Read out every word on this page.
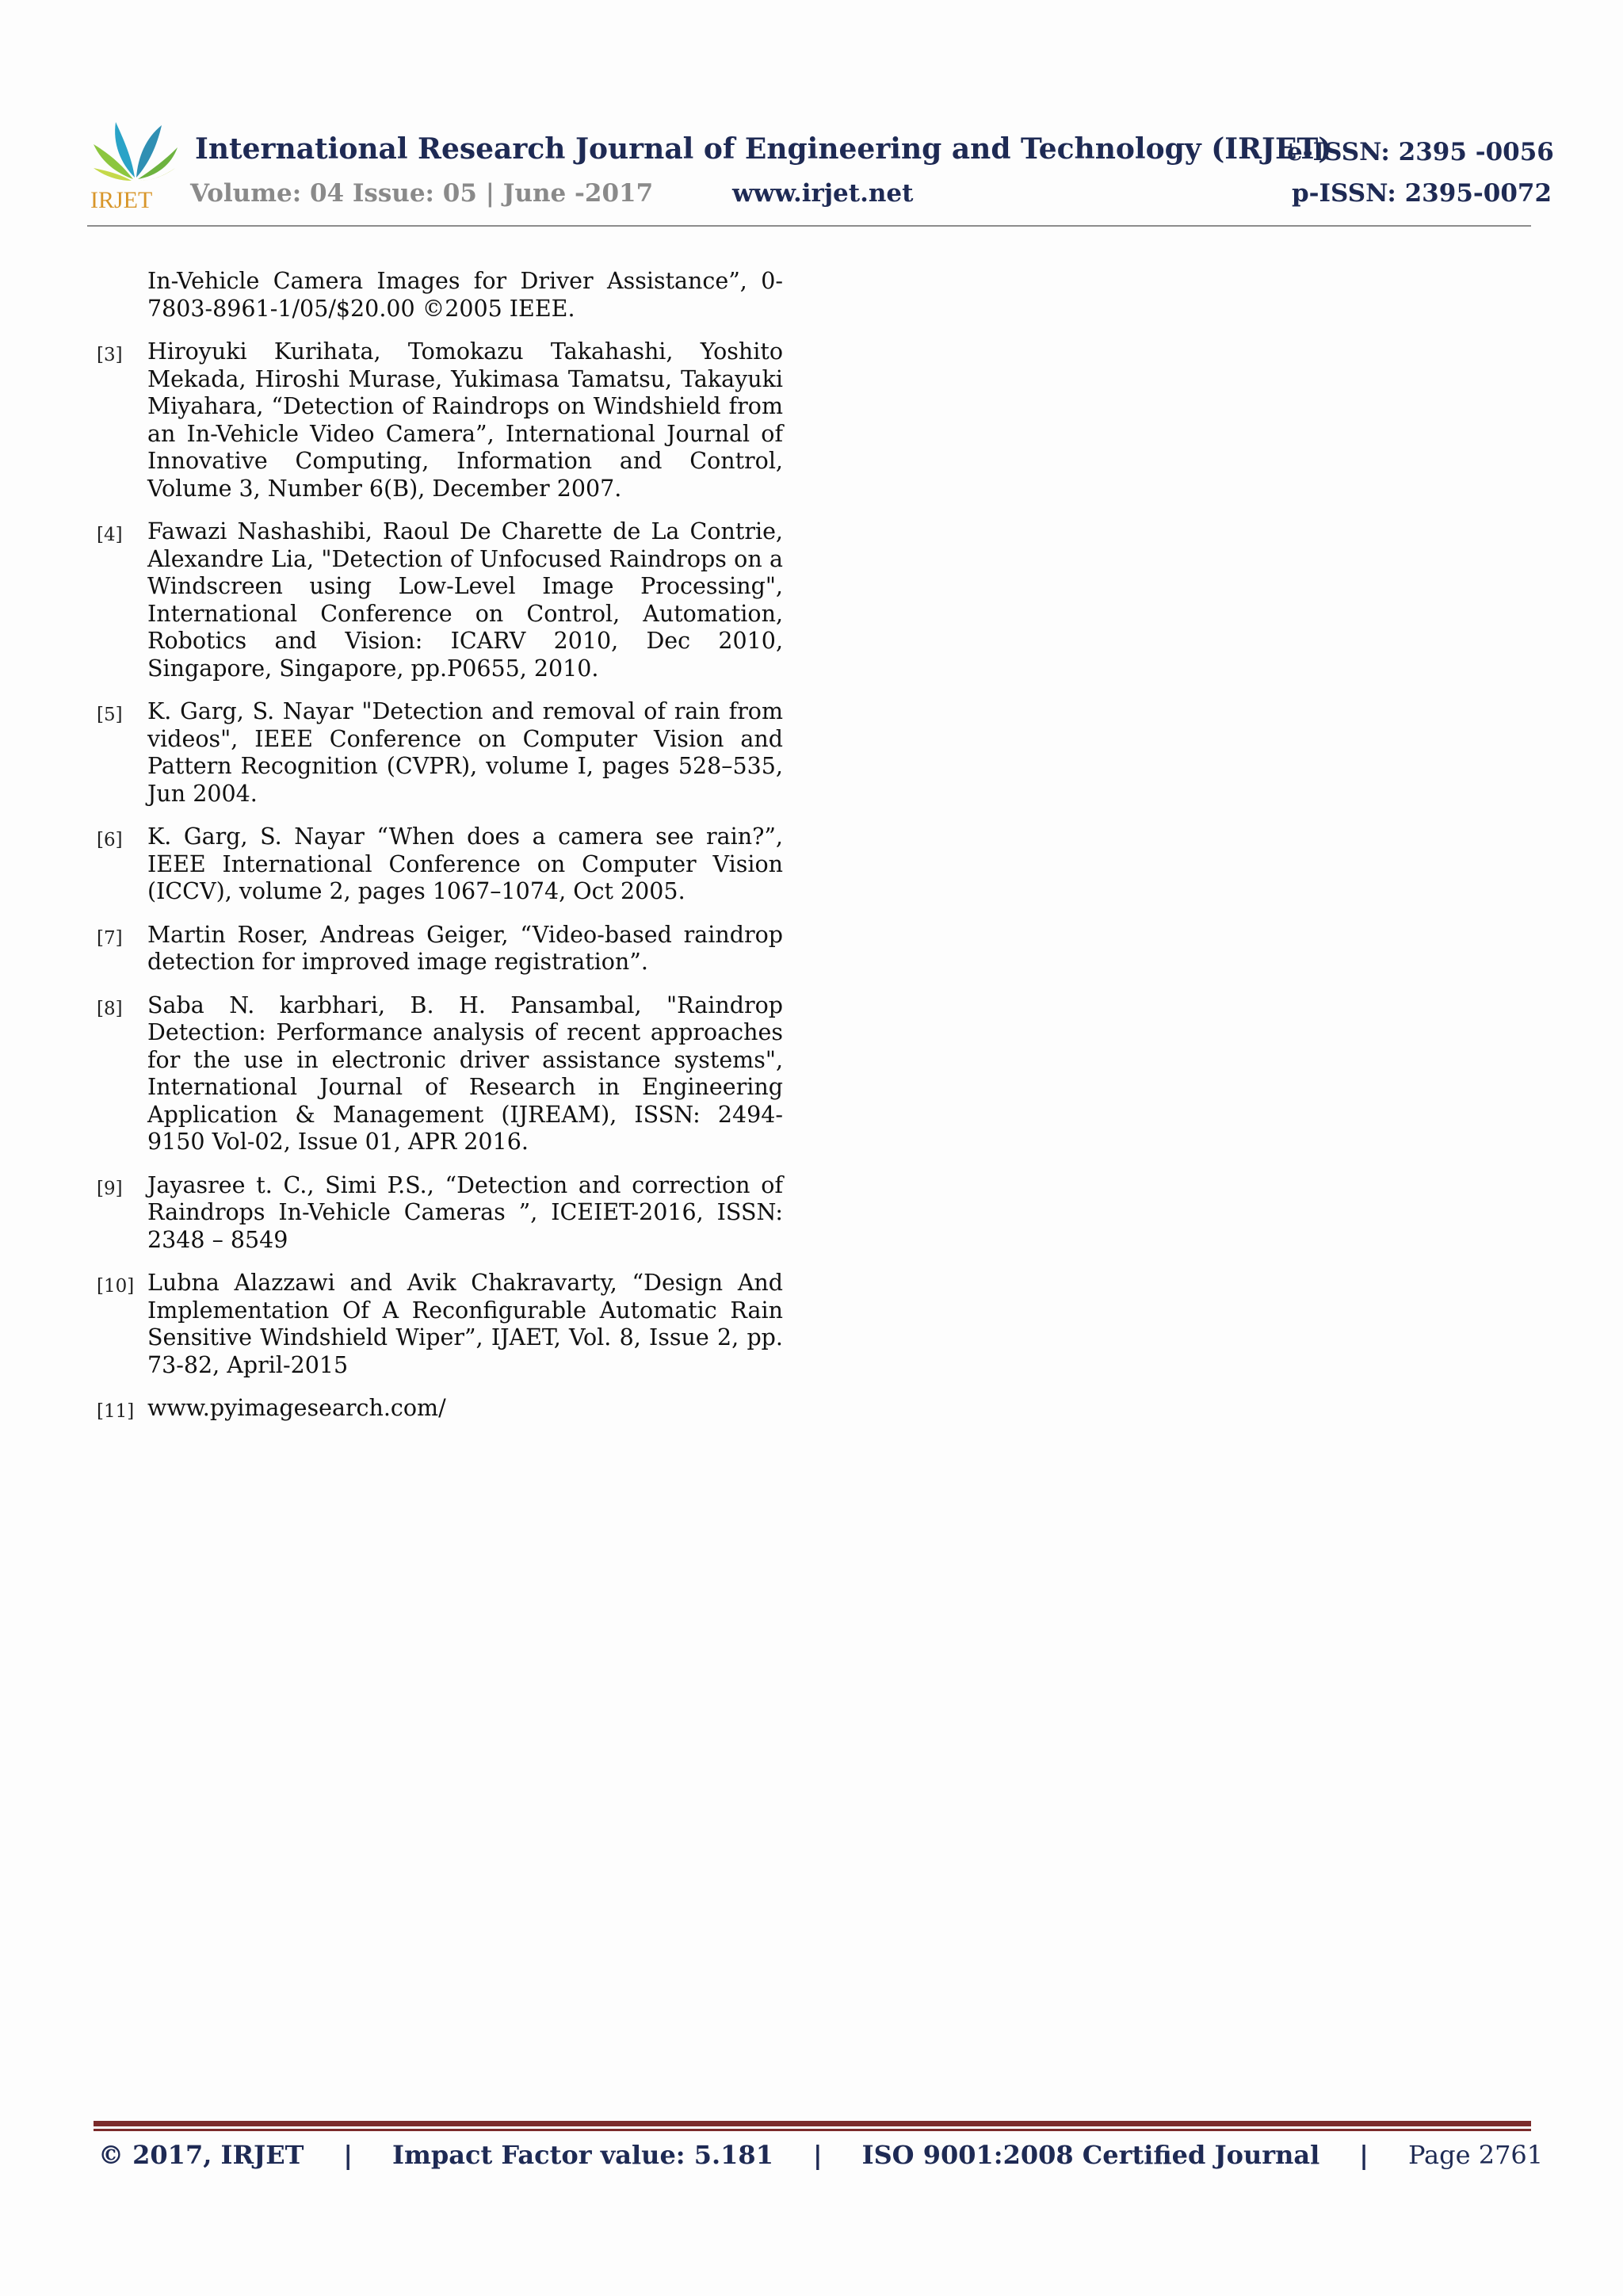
IRJET
International Research Journal of Engineering and Technology (IRJET)
e-ISSN: 2395 -0056
Volume: 04 Issue: 05 | June -2017	www.irjet.net	p-ISSN: 2395-0072
In-Vehicle Camera Images for Driver Assistance”, 0-7803-8961-1/05/$20.00 ©2005 IEEE.
[3] Hiroyuki Kurihata, Tomokazu Takahashi, Yoshito Mekada, Hiroshi Murase, Yukimasa Tamatsu, Takayuki Miyahara, “Detection of Raindrops on Windshield from an In-Vehicle Video Camera”, International Journal of Innovative Computing, Information and Control, Volume 3, Number 6(B), December 2007.
[4] Fawazi Nashashibi, Raoul De Charette de La Contrie, Alexandre Lia, "Detection of Unfocused Raindrops on a Windscreen using Low-Level Image Processing", International Conference on Control, Automation, Robotics and Vision: ICARV 2010, Dec 2010, Singapore, Singapore, pp.P0655, 2010.
[5] K. Garg, S. Nayar "Detection and removal of rain from videos", IEEE Conference on Computer Vision and Pattern Recognition (CVPR), volume I, pages 528–535, Jun 2004.
[6] K. Garg, S. Nayar “When does a camera see rain?”, IEEE International Conference on Computer Vision (ICCV), volume 2, pages 1067–1074, Oct 2005.
[7] Martin Roser, Andreas Geiger, “Video-based raindrop detection for improved image registration”.
[8] Saba N. karbhari, B. H. Pansambal, "Raindrop Detection: Performance analysis of recent approaches for the use in electronic driver assistance systems", International Journal of Research in Engineering Application & Management (IJREAM), ISSN: 2494-9150 Vol-02, Issue 01, APR 2016.
[9] Jayasree t. C., Simi P.S., “Detection and correction of Raindrops In-Vehicle Cameras ”, ICEIET-2016, ISSN: 2348 – 8549
[10] Lubna Alazzawi and Avik Chakravarty, “Design And Implementation Of A Reconfigurable Automatic Rain Sensitive Windshield Wiper”, IJAET, Vol. 8, Issue 2, pp. 73-82, April-2015
[11] www.pyimagesearch.com/
© 2017, IRJET | Impact Factor value: 5.181 | ISO 9001:2008 Certified Journal | Page 2761
